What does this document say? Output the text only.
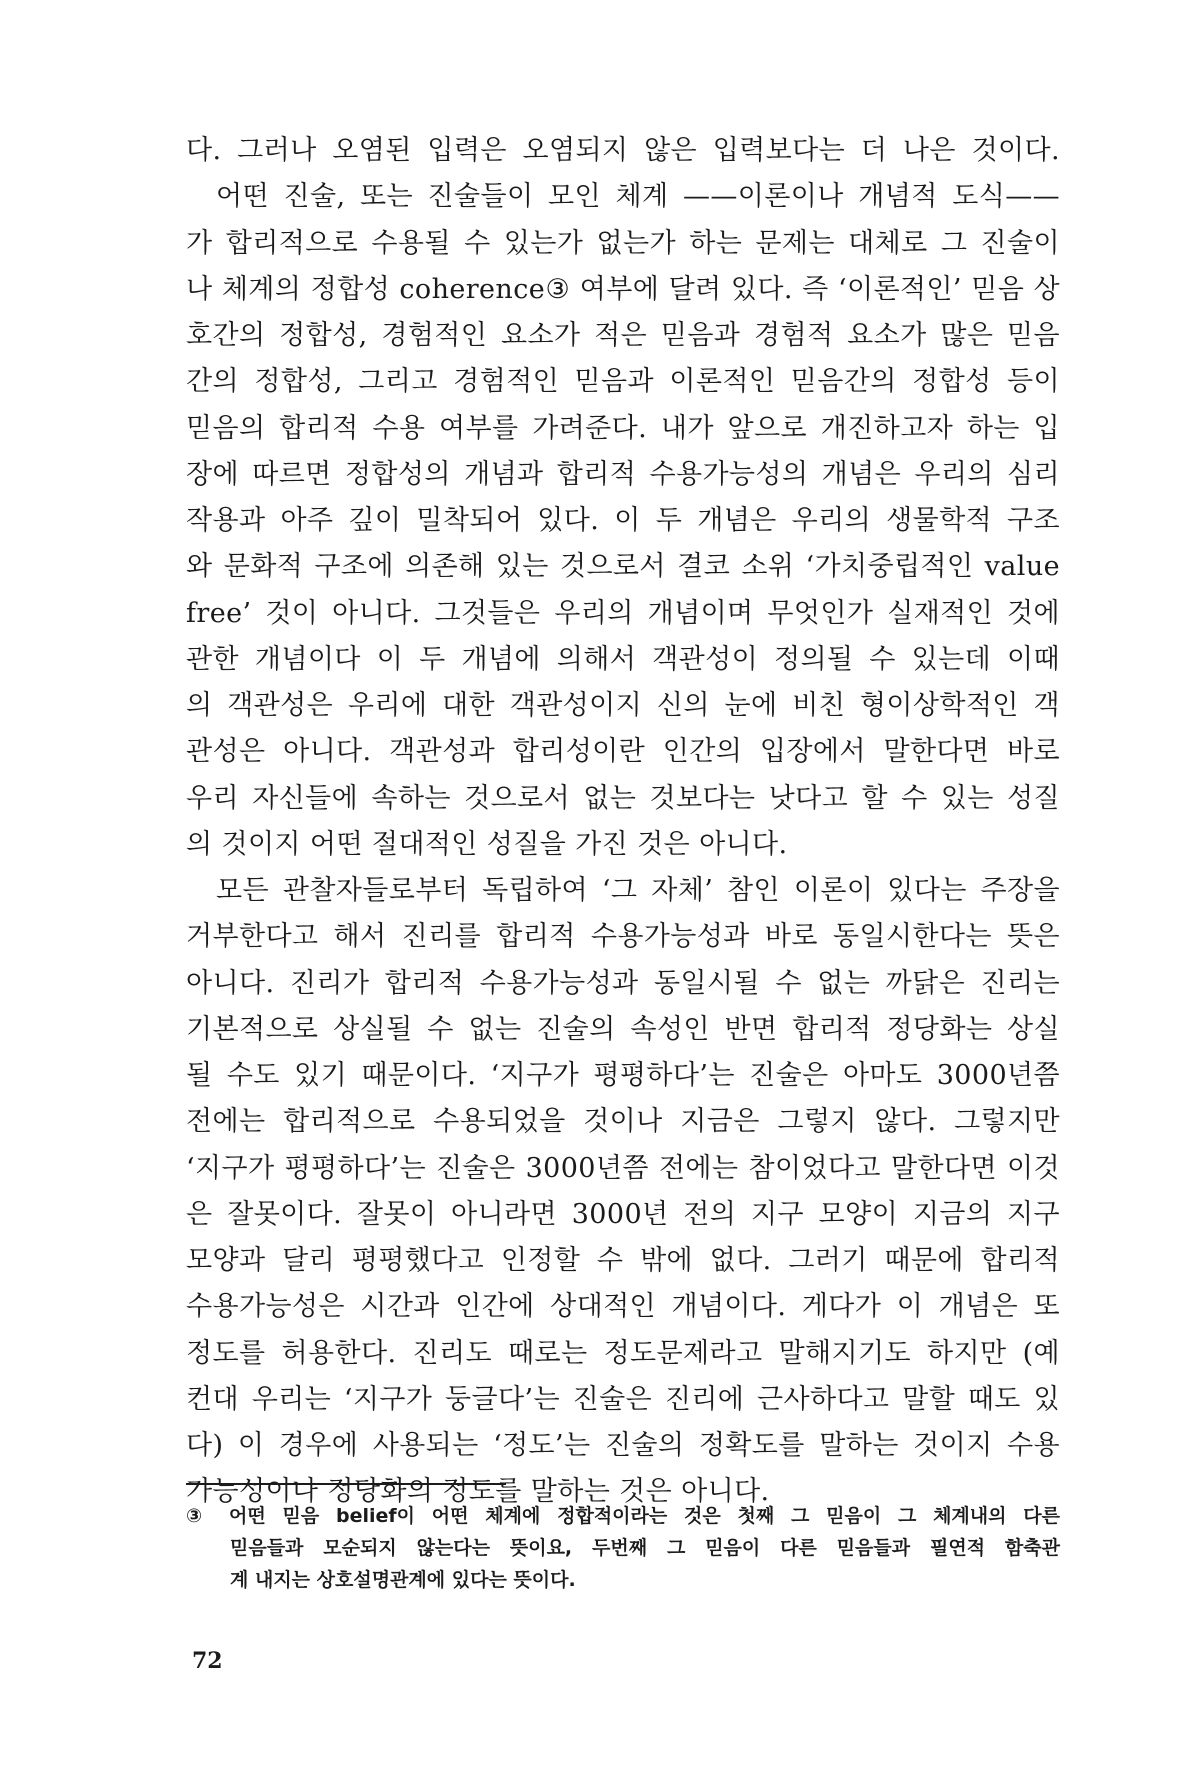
다. 그러나 오염된 입력은 오염되지 않은 입력보다는 더 나은 것이다.
어떤 진술, 또는 진술들이 모인 체계 ——이론이나 개념적 도식——
가 합리적으로 수용될 수 있는가 없는가 하는 문제는 대체로 그 진술이
나 체계의 정합성 coherence③ 여부에 달려 있다. 즉 ‘이론적인’ 믿음 상
호간의 정합성, 경험적인 요소가 적은 믿음과 경험적 요소가 많은 믿음
간의 정합성, 그리고 경험적인 믿음과 이론적인 믿음간의 정합성 등이
믿음의 합리적 수용 여부를 가려준다. 내가 앞으로 개진하고자 하는 입
장에 따르면 정합성의 개념과 합리적 수용가능성의 개념은 우리의 심리
작용과 아주 깊이 밀착되어 있다. 이 두 개념은 우리의 생물학적 구조
와 문화적 구조에 의존해 있는 것으로서 결코 소위 ‘가치중립적인 value
free’ 것이 아니다. 그것들은 우리의 개념이며 무엇인가 실재적인 것에
관한 개념이다 이 두 개념에 의해서 객관성이 정의될 수 있는데 이때
의 객관성은 우리에 대한 객관성이지 신의 눈에 비친 형이상학적인 객
관성은 아니다. 객관성과 합리성이란 인간의 입장에서 말한다면 바로
우리 자신들에 속하는 것으로서 없는 것보다는 낫다고 할 수 있는 성질
의 것이지 어떤 절대적인 성질을 가진 것은 아니다.
모든 관찰자들로부터 독립하여 ‘그 자체’ 참인 이론이 있다는 주장을
거부한다고 해서 진리를 합리적 수용가능성과 바로 동일시한다는 뜻은
아니다. 진리가 합리적 수용가능성과 동일시될 수 없는 까닭은 진리는
기본적으로 상실될 수 없는 진술의 속성인 반면 합리적 정당화는 상실
될 수도 있기 때문이다. ‘지구가 평평하다’는 진술은 아마도 3000년쯤
전에는 합리적으로 수용되었을 것이나 지금은 그렇지 않다. 그렇지만
‘지구가 평평하다’는 진술은 3000년쯤 전에는 참이었다고 말한다면 이것
은 잘못이다. 잘못이 아니라면 3000년 전의 지구 모양이 지금의 지구
모양과 달리 평평했다고 인정할 수 밖에 없다. 그러기 때문에 합리적
수용가능성은 시간과 인간에 상대적인 개념이다. 게다가 이 개념은 또
정도를 허용한다. 진리도 때로는 정도문제라고 말해지기도 하지만 (예
컨대 우리는 ‘지구가 둥글다’는 진술은 진리에 근사하다고 말할 때도 있
다) 이 경우에 사용되는 ‘정도’는 진술의 정확도를 말하는 것이지 수용
가능성이나 정당화의 정도를 말하는 것은 아니다.
③ 어떤 믿음 belief이 어떤 체계에 정합적이라는 것은 첫째 그 믿음이 그 체계내의 다른
믿음들과 모순되지 않는다는 뜻이요, 두번째 그 믿음이 다른 믿음들과 필연적 함축관
계 내지는 상호설명관계에 있다는 뜻이다.
72
